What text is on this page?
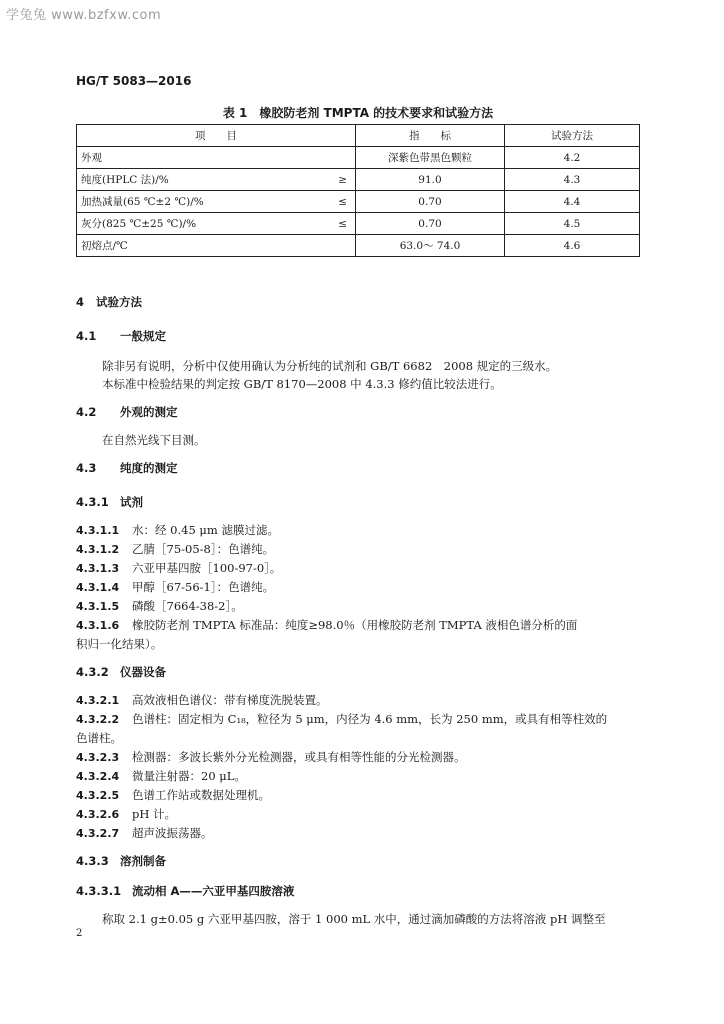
学兔兔 www.bzfxw.com
HG/T 5083—2016
表 1　橡胶防老剂 TMPTA 的技术要求和试验方法
项　　目		指　　标	试验方法
外观		深紫色带黑色颗粒	4.2
纯度(HPLC 法)/%	≥	91.0	4.3
加热减量(65 ℃±2 ℃)/%	≤	0.70	4.4
灰分(825 ℃±25 ℃)/%	≤	0.70	4.5
初熔点/℃		63.0～ 74.0	4.6
4 试验方法
4.1 一般规定
除非另有说明，分析中仅使用确认为分析纯的试剂和 GB/T 6682　2008 规定的三级水。
本标准中检验结果的判定按 GB/T 8170—2008 中 4.3.3 修约值比较法进行。
4.2 外观的测定
在自然光线下目测。
4.3 纯度的测定
4.3.1 试剂
4.3.1.1 水：经 0.45 μm 滤膜过滤。
4.3.1.2 乙腈［75-05-8］：色谱纯。
4.3.1.3 六亚甲基四胺［100-97-0］。
4.3.1.4 甲醇［67-56-1］：色谱纯。
4.3.1.5 磷酸［7664-38-2］。
4.3.1.6 橡胶防老剂 TMPTA 标准品：纯度≥98.0％（用橡胶防老剂 TMPTA 液相色谱分析的面
积归一化结果）。
4.3.2 仪器设备
4.3.2.1 高效液相色谱仪：带有梯度洗脱装置。
4.3.2.2 色谱柱：固定相为 C₁₈，粒径为 5 μm，内径为 4.6 mm，长为 250 mm，或具有相等柱效的
色谱柱。
4.3.2.3 检测器：多波长紫外分光检测器，或具有相等性能的分光检测器。
4.3.2.4 微量注射器：20 μL。
4.3.2.5 色谱工作站或数据处理机。
4.3.2.6 pH 计。
4.3.2.7 超声波振荡器。
4.3.3 溶剂制备
4.3.3.1 流动相 A——六亚甲基四胺溶液
称取 2.1 g±0.05 g 六亚甲基四胺，溶于 1 000 mL 水中，通过滴加磷酸的方法将溶液 pH 调整至
2
